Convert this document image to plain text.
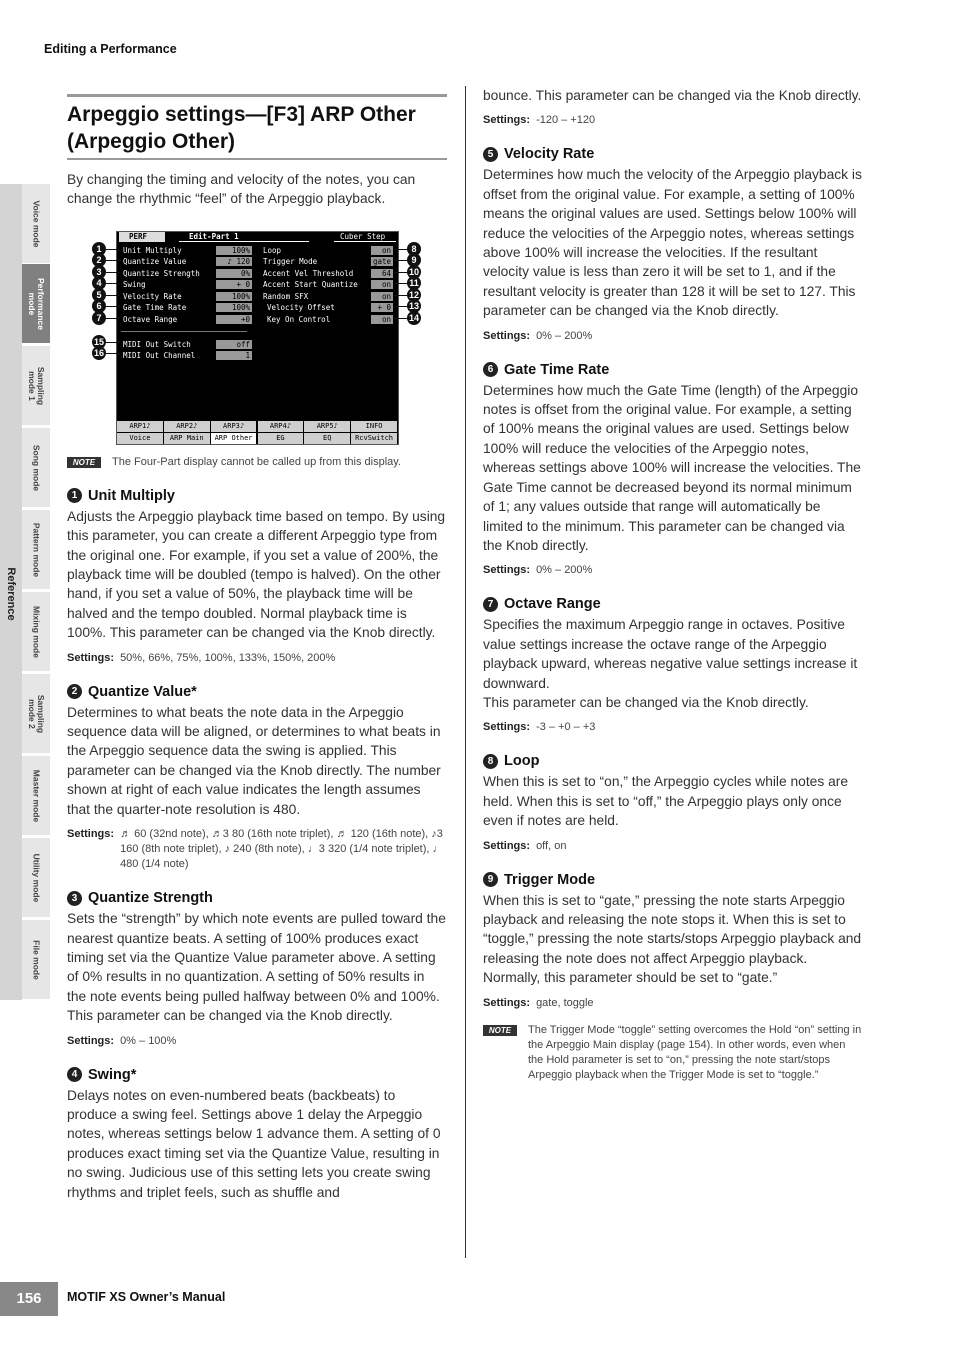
Editing a Performance
Reference
Voice mode
Performance
mode
Sampling
mode 1
Song mode
Pattern mode
Mixing mode
Sampling
mode 2
Master mode
Utility mode
File mode
Arpeggio settings—[F3] ARP Other (Arpeggio Other)

By changing the timing and velocity of the notes, you can change the rhythmic “feel” of the Arpeggio playback.

PERF	Edit-Part 1	Cuber Step
Unit Multiply	100%
Quantize Value	♪ 120
Quantize Strength	0%
Swing	+ 0
Velocity Rate	100%
Gate Time Rate	100%
Octave Range	+0
MIDI Out Switch	off
MIDI Out Channel	1
Loop	on
Trigger Mode	gate
Accent Vel Threshold	64
Accent Start Quantize	on
Random SFX	on
Velocity Offset	+ 0
Key On Control	on
ARP1♪	ARP2♪	ARP3♪	ARP4♪	ARP5♪	INFO
Voice	ARP Main	ARP Other	EG	EQ	RcvSwitch
1
2
3
4
5
6
7
15
16
8
9
10
11
12
13
14
NOTE	The Four-Part display cannot be called up from this display.
1 Unit Multiply

Adjusts the Arpeggio playback time based on tempo. By using this parameter, you can create a different Arpeggio type from the original one. For example, if you set a value of 200%, the playback time will be doubled (tempo is halved). On the other hand, if you set a value of 50%, the playback time will be halved and the tempo doubled. Normal playback time is 100%. This parameter can be changed via the Knob directly.

Settings: 50%, 66%, 75%, 100%, 133%, 150%, 200%
2 Quantize Value*

Determines to what beats the note data in the Arpeggio sequence data will be aligned, or determines to what beats in the Arpeggio sequence data the swing is applied. This parameter can be changed via the Knob directly. The number shown at right of each value indicates the length assumes that the quarter-note resolution is 480.

Settings: ♬ 60 (32nd note), ♬3 80 (16th note triplet), ♬ 120 (16th note), ♪3 160 (8th note triplet), ♪ 240 (8th note), ♩3 320 (1/4 note triplet), ♩ 480 (1/4 note)
3 Quantize Strength

Sets the “strength” by which note events are pulled toward the nearest quantize beats. A setting of 100% produces exact timing set via the Quantize Value parameter above. A setting of 0% results in no quantization. A setting of 50% results in the note events being pulled halfway between 0% and 100%. This parameter can be changed via the Knob directly.

Settings: 0% – 100%
4 Swing*

Delays notes on even-numbered beats (backbeats) to produce a swing feel. Settings above 1 delay the Arpeggio notes, whereas settings below 1 advance them. A setting of 0 produces exact timing set via the Quantize Value, resulting in no swing. Judicious use of this setting lets you create swing rhythms and triplet feels, such as shuffle and

bounce. This parameter can be changed via the Knob directly.

Settings: -120 – +120
5 Velocity Rate

Determines how much the velocity of the Arpeggio playback is offset from the original value. For example, a setting of 100% means the original values are used. Settings below 100% will reduce the velocities of the Arpeggio notes, whereas settings above 100% will increase the velocities. If the resultant velocity value is less than zero it will be set to 1, and if the resultant velocity is greater than 128 it will be set to 127. This parameter can be changed via the Knob directly.

Settings: 0% – 200%
6 Gate Time Rate

Determines how much the Gate Time (length) of the Arpeggio notes is offset from the original value. For example, a setting of 100% means the original values are used. Settings below 100% will reduce the velocities of the Arpeggio notes, whereas settings above 100% will increase the velocities. The Gate Time cannot be decreased beyond its normal minimum of 1; any values outside that range will automatically be limited to the minimum. This parameter can be changed via the Knob directly.

Settings: 0% – 200%
7 Octave Range

Specifies the maximum Arpeggio range in octaves. Positive value settings increase the octave range of the Arpeggio playback upward, whereas negative value settings increase it downward.

This parameter can be changed via the Knob directly.

Settings: -3 – +0 – +3
8 Loop

When this is set to “on,” the Arpeggio cycles while notes are held. When this is set to “off,” the Arpeggio plays only once even if notes are held.

Settings: off, on
9 Trigger Mode

When this is set to “gate,” pressing the note starts Arpeggio playback and releasing the note stops it. When this is set to “toggle,” pressing the note starts/stops Arpeggio playback and releasing the note does not affect Arpeggio playback. Normally, this parameter should be set to “gate.”

Settings: gate, toggle
NOTE	The Trigger Mode “toggle” setting overcomes the Hold “on” setting in the Arpeggio Main display (page 154). In other words, even when the Hold parameter is set to “on,” pressing the note start/stops Arpeggio playback when the Trigger Mode is set to “toggle.”
156	MOTIF XS Owner’s Manual
